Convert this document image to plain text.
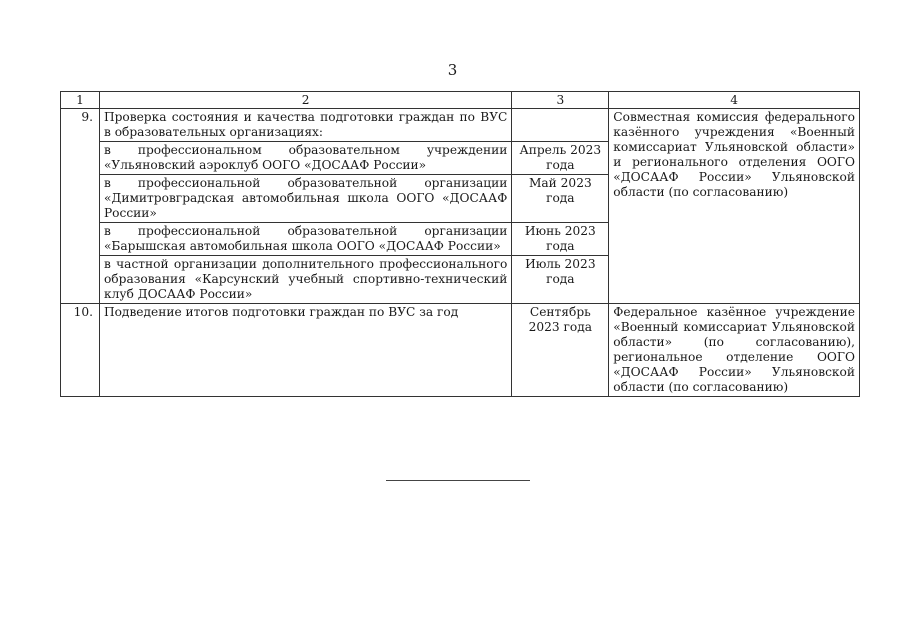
3
1	2	3	4
9.	Проверка состояния и качества подготовки граждан по ВУС в образовательных организациях:		Совместная комиссия федерального казённого учреждения «Военный комиссариат Ульяновской области» и регионального отделения ООГО «ДОСААФ России» Ульяновской области (по согласованию)
	в профессиональном образовательном учреждении «Ульяновский аэроклуб ООГО «ДОСААФ России»	Апрель 2023 года	
	в профессиональной образовательной организации «Димитровградская автомобильная школа ООГО «ДОСААФ России»	Май 2023 года	
	в профессиональной образовательной организации «Барышская автомобильная школа ООГО «ДОСААФ России»	Июнь 2023 года	
	в частной организации дополнительного профессионального образования «Карсунский учебный спортивно-технический клуб ДОСААФ России»	Июль 2023 года	
10.	Подведение итогов подготовки граждан по ВУС за год	Сентябрь 2023 года	Федеральное казённое учреждение «Военный комиссариат Ульяновской области» (по согласованию), региональное отделение ООГО «ДОСААФ России» Ульяновской области (по согласованию)
